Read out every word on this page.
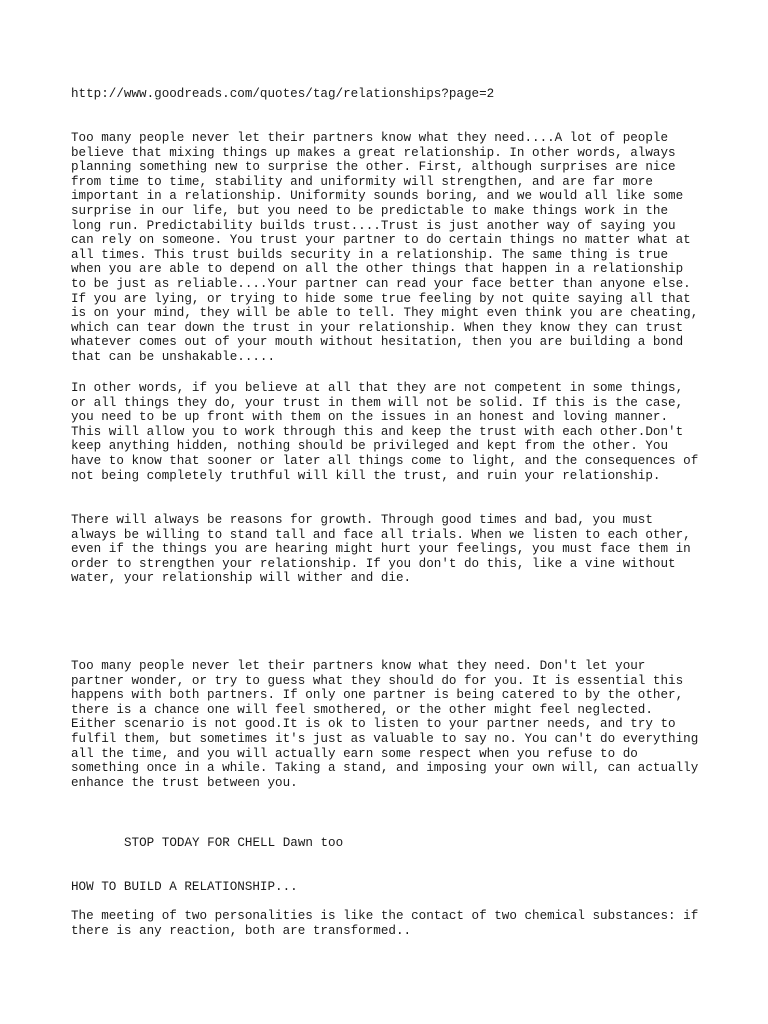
http://www.goodreads.com/quotes/tag/relationships?page=2

Too many people never let their partners know what they need....A lot of people
believe that mixing things up makes a great relationship. In other words, always
planning something new to surprise the other. First, although surprises are nice
from time to time, stability and uniformity will strengthen, and are far more
important in a relationship. Uniformity sounds boring, and we would all like some
surprise in our life, but you need to be predictable to make things work in the
long run. Predictability builds trust....Trust is just another way of saying you
can rely on someone. You trust your partner to do certain things no matter what at
all times. This trust builds security in a relationship. The same thing is true
when you are able to depend on all the other things that happen in a relationship
to be just as reliable....Your partner can read your face better than anyone else.
If you are lying, or trying to hide some true feeling by not quite saying all that
is on your mind, they will be able to tell. They might even think you are cheating,
which can tear down the trust in your relationship. When they know they can trust
whatever comes out of your mouth without hesitation, then you are building a bond
that can be unshakable.....

In other words, if you believe at all that they are not competent in some things,
or all things they do, your trust in them will not be solid. If this is the case,
you need to be up front with them on the issues in an honest and loving manner.
This will allow you to work through this and keep the trust with each other.Don't
keep anything hidden, nothing should be privileged and kept from the other. You
have to know that sooner or later all things come to light, and the consequences of
not being completely truthful will kill the trust, and ruin your relationship.

There will always be reasons for growth. Through good times and bad, you must
always be willing to stand tall and face all trials. When we listen to each other,
even if the things you are hearing might hurt your feelings, you must face them in
order to strengthen your relationship. If you don't do this, like a vine without
water, your relationship will wither and die.

Too many people never let their partners know what they need. Don't let your
partner wonder, or try to guess what they should do for you. It is essential this
happens with both partners. If only one partner is being catered to by the other,
there is a chance one will feel smothered, or the other might feel neglected.
Either scenario is not good.It is ok to listen to your partner needs, and try to
fulfil them, but sometimes it's just as valuable to say no. You can't do everything
all the time, and you will actually earn some respect when you refuse to do
something once in a while. Taking a stand, and imposing your own will, can actually
enhance the trust between you.

STOP TODAY FOR CHELL Dawn too

HOW TO BUILD A RELATIONSHIP...

The meeting of two personalities is like the contact of two chemical substances: if
there is any reaction, both are transformed..
